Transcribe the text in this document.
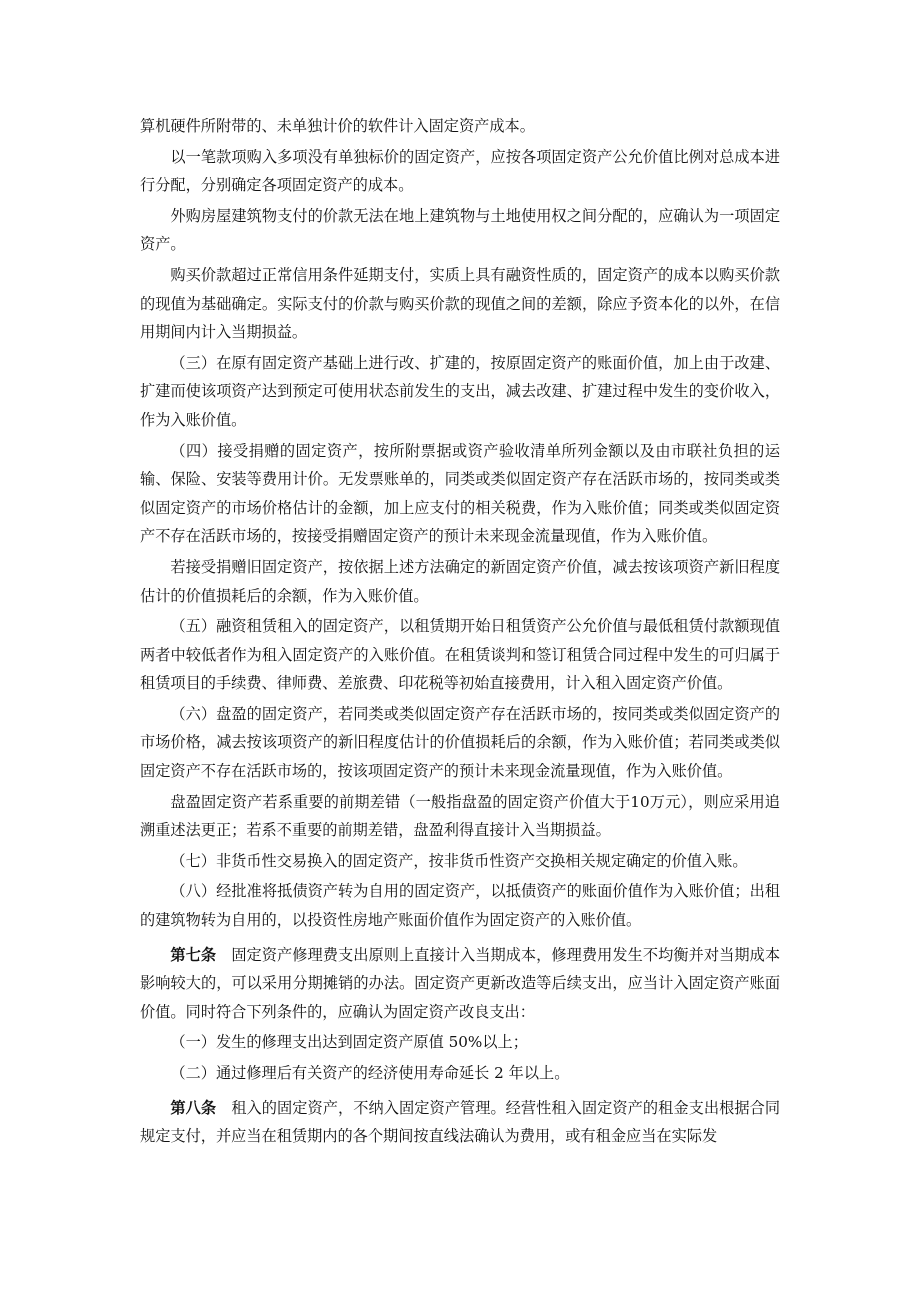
算机硬件所附带的、未单独计价的软件计入固定资产成本。

以一笔款项购入多项没有单独标价的固定资产，应按各项固定资产公允价值比例对总成本进行分配，分别确定各项固定资产的成本。

外购房屋建筑物支付的价款无法在地上建筑物与土地使用权之间分配的，应确认为一项固定资产。

购买价款超过正常信用条件延期支付，实质上具有融资性质的，固定资产的成本以购买价款的现值为基础确定。实际支付的价款与购买价款的现值之间的差额，除应予资本化的以外，在信用期间内计入当期损益。

（三）在原有固定资产基础上进行改、扩建的，按原固定资产的账面价值，加上由于改建、扩建而使该项资产达到预定可使用状态前发生的支出，减去改建、扩建过程中发生的变价收入，作为入账价值。

（四）接受捐赠的固定资产，按所附票据或资产验收清单所列金额以及由市联社负担的运输、保险、安装等费用计价。无发票账单的，同类或类似固定资产存在活跃市场的，按同类或类似固定资产的市场价格估计的金额，加上应支付的相关税费，作为入账价值；同类或类似固定资产不存在活跃市场的，按接受捐赠固定资产的预计未来现金流量现值，作为入账价值。

若接受捐赠旧固定资产，按依据上述方法确定的新固定资产价值，减去按该项资产新旧程度估计的价值损耗后的余额，作为入账价值。

（五）融资租赁租入的固定资产，以租赁期开始日租赁资产公允价值与最低租赁付款额现值两者中较低者作为租入固定资产的入账价值。在租赁谈判和签订租赁合同过程中发生的可归属于租赁项目的手续费、律师费、差旅费、印花税等初始直接费用，计入租入固定资产价值。

（六）盘盈的固定资产，若同类或类似固定资产存在活跃市场的，按同类或类似固定资产的市场价格，减去按该项资产的新旧程度估计的价值损耗后的余额，作为入账价值；若同类或类似固定资产不存在活跃市场的，按该项固定资产的预计未来现金流量现值，作为入账价值。

盘盈固定资产若系重要的前期差错（一般指盘盈的固定资产价值大于10万元），则应采用追溯重述法更正；若系不重要的前期差错，盘盈利得直接计入当期损益。

（七）非货币性交易换入的固定资产，按非货币性资产交换相关规定确定的价值入账。

（八）经批准将抵债资产转为自用的固定资产，以抵债资产的账面价值作为入账价值；出租的建筑物转为自用的，以投资性房地产账面价值作为固定资产的入账价值。

第七条 固定资产修理费支出原则上直接计入当期成本，修理费用发生不均衡并对当期成本影响较大的，可以采用分期摊销的办法。固定资产更新改造等后续支出，应当计入固定资产账面价值。同时符合下列条件的，应确认为固定资产改良支出：

（一）发生的修理支出达到固定资产原值 50%以上；

（二）通过修理后有关资产的经济使用寿命延长 2 年以上。

第八条 租入的固定资产，不纳入固定资产管理。经营性租入固定资产的租金支出根据合同规定支付，并应当在租赁期内的各个期间按直线法确认为费用，或有租金应当在实际发
